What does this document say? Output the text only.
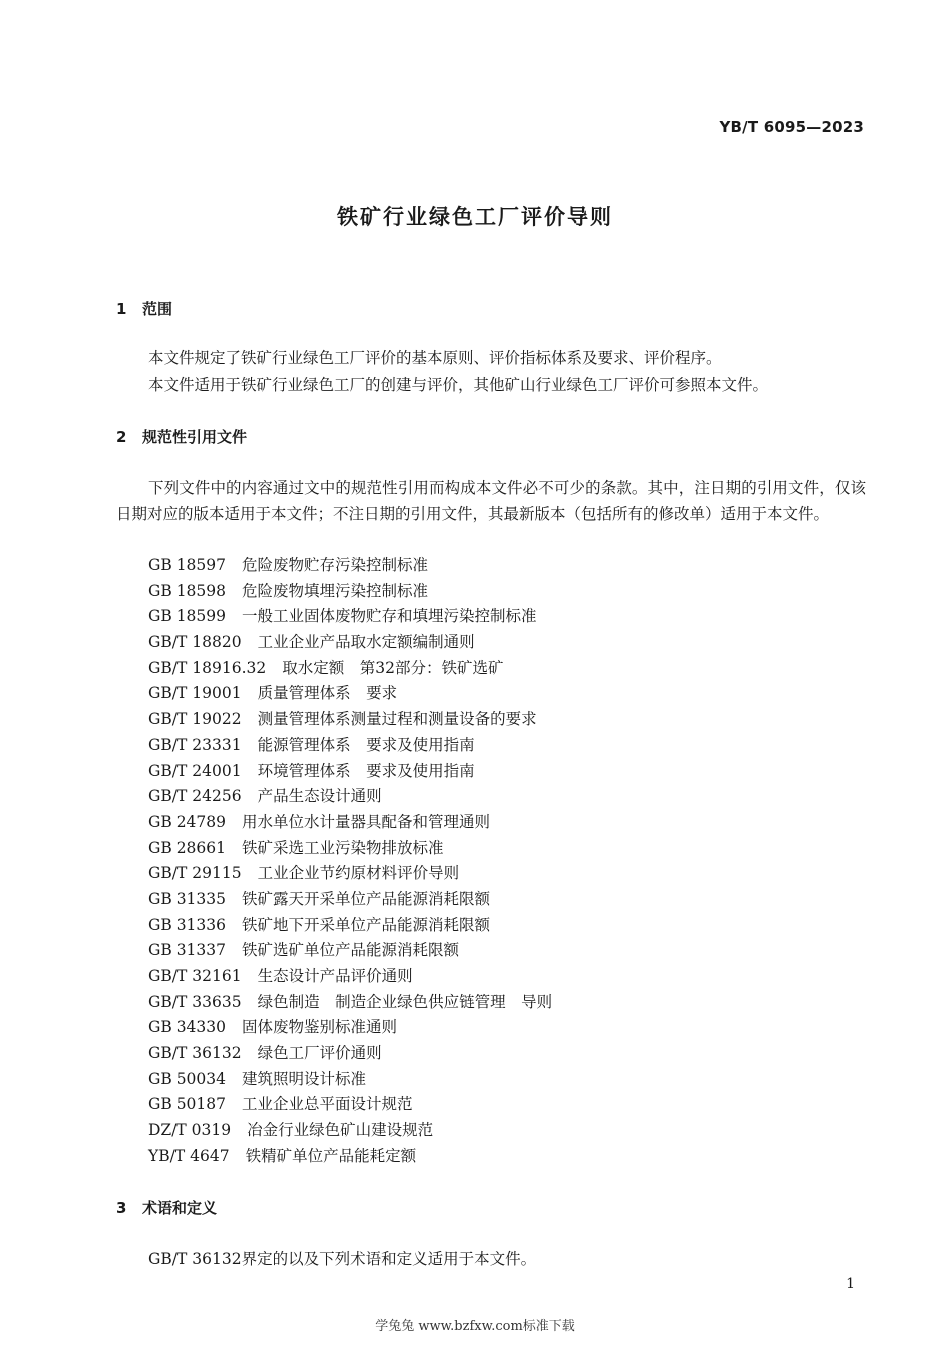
YB/T 6095—2023
铁矿行业绿色工厂评价导则
1 范围
本文件规定了铁矿行业绿色工厂评价的基本原则、评价指标体系及要求、评价程序。
本文件适用于铁矿行业绿色工厂的创建与评价，其他矿山行业绿色工厂评价可参照本文件。
2 规范性引用文件
下列文件中的内容通过文中的规范性引用而构成本文件必不可少的条款。其中，注日期的引用文件，仅该日期对应的版本适用于本文件；不注日期的引用文件，其最新版本（包括所有的修改单）适用于本文件。
GB 18597 危险废物贮存污染控制标准
GB 18598 危险废物填埋污染控制标准
GB 18599 一般工业固体废物贮存和填埋污染控制标准
GB/T 18820 工业企业产品取水定额编制通则
GB/T 18916.32 取水定额　第32部分：铁矿选矿
GB/T 19001 质量管理体系　要求
GB/T 19022 测量管理体系测量过程和测量设备的要求
GB/T 23331 能源管理体系　要求及使用指南
GB/T 24001 环境管理体系　要求及使用指南
GB/T 24256 产品生态设计通则
GB 24789 用水单位水计量器具配备和管理通则
GB 28661 铁矿采选工业污染物排放标准
GB/T 29115 工业企业节约原材料评价导则
GB 31335 铁矿露天开采单位产品能源消耗限额
GB 31336 铁矿地下开采单位产品能源消耗限额
GB 31337 铁矿选矿单位产品能源消耗限额
GB/T 32161 生态设计产品评价通则
GB/T 33635 绿色制造　制造企业绿色供应链管理　导则
GB 34330 固体废物鉴别标准通则
GB/T 36132 绿色工厂评价通则
GB 50034 建筑照明设计标准
GB 50187 工业企业总平面设计规范
DZ/T 0319 冶金行业绿色矿山建设规范
YB/T 4647 铁精矿单位产品能耗定额
3 术语和定义
GB/T 36132界定的以及下列术语和定义适用于本文件。
1
学兔兔 www.bzfxw.com标准下载
